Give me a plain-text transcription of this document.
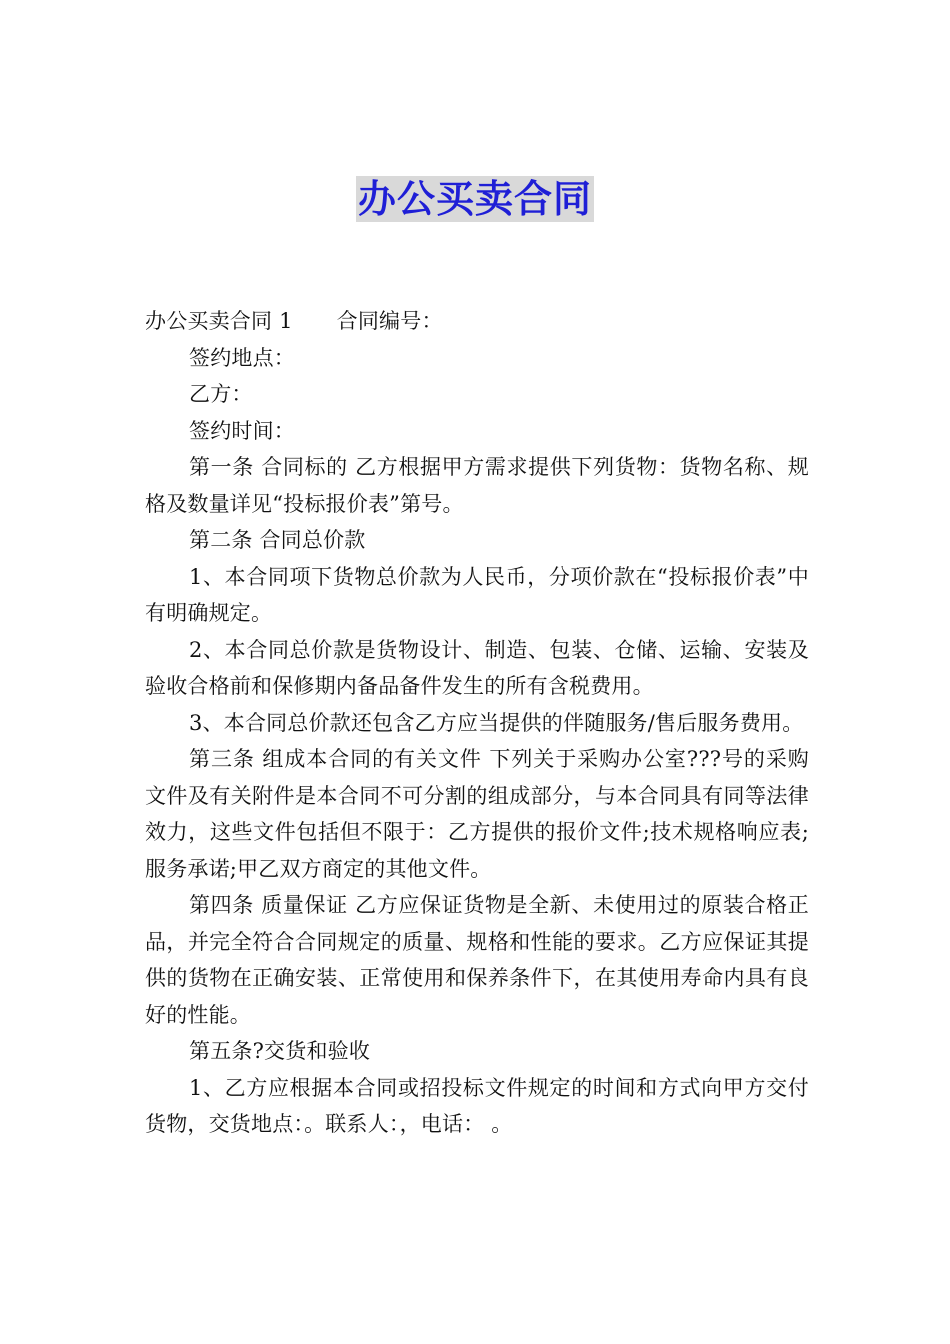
办公买卖合同

办公买卖合同 1 合同编号：

签约地点：

乙方：

签约时间：

第一条 合同标的 乙方根据甲方需求提供下列货物：货物名称、规格及数量详见“投标报价表”第号。

第二条 合同总价款

1、本合同项下货物总价款为人民币，分项价款在“投标报价表”中有明确规定。

2、本合同总价款是货物设计、制造、包装、仓储、运输、安装及验收合格前和保修期内备品备件发生的所有含税费用。

3、本合同总价款还包含乙方应当提供的伴随服务/售后服务费用。

第三条 组成本合同的有关文件 下列关于采购办公室???号的采购文件及有关附件是本合同不可分割的组成部分，与本合同具有同等法律效力，这些文件包括但不限于：乙方提供的报价文件;技术规格响应表;服务承诺;甲乙双方商定的其他文件。

第四条 质量保证 乙方应保证货物是全新、未使用过的原装合格正品，并完全符合合同规定的质量、规格和性能的要求。乙方应保证其提供的货物在正确安装、正常使用和保养条件下，在其使用寿命内具有良好的性能。

第五条?交货和验收

1、乙方应根据本合同或招投标文件规定的时间和方式向甲方交付货物，交货地点：。联系人：，电话： 。
